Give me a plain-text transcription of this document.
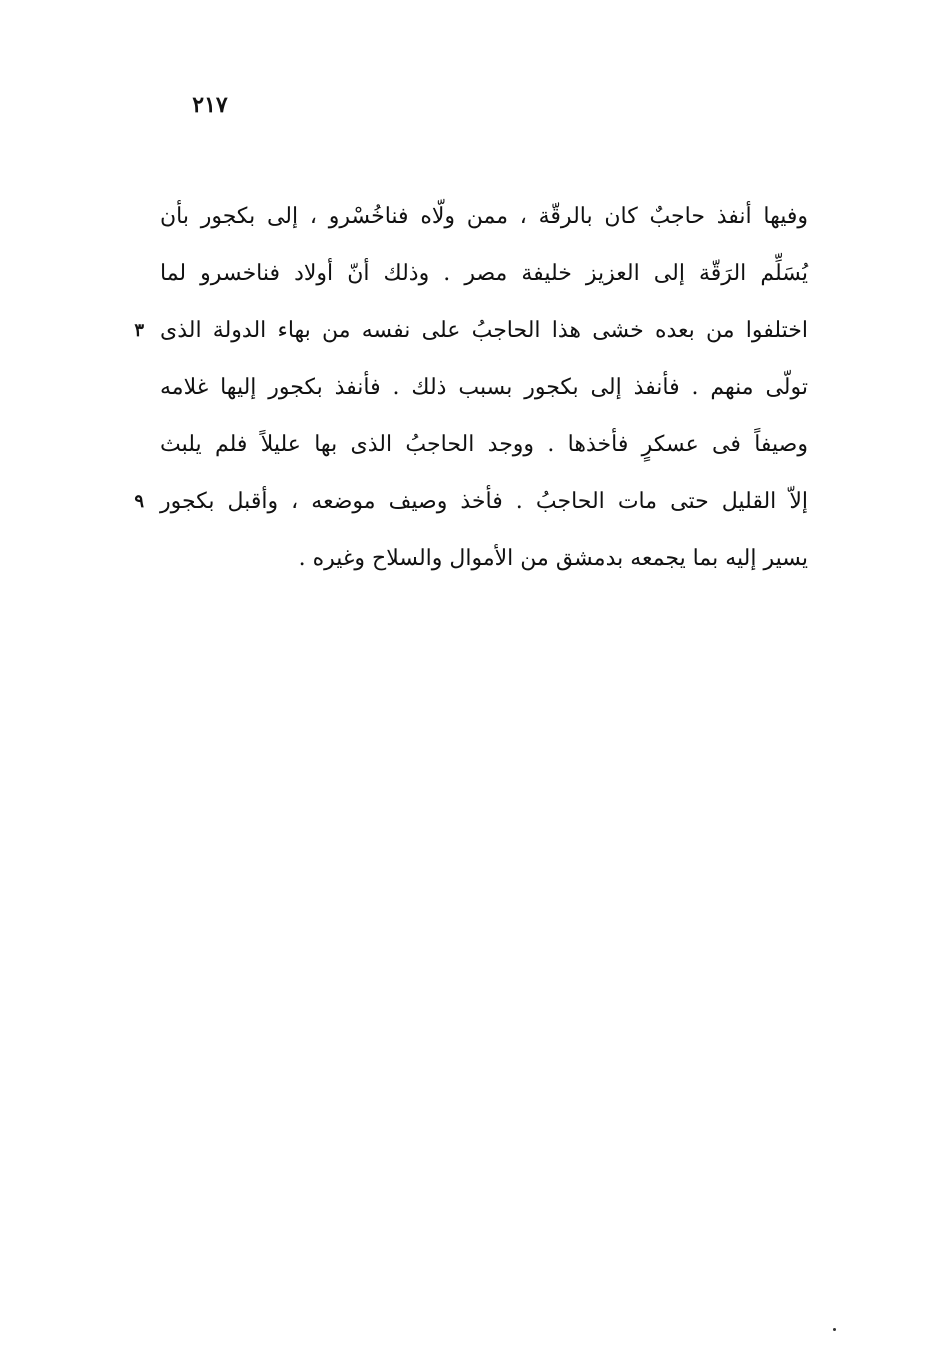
٢١٧
وفيها أنفذ حاجبٌ كان بالرقّة ، ممن ولّاه فناخُسْرو ، إلى بكجور بأن
يُسَلِّم الرَقّة إلى العزيز خليفة مصر . وذلك أنّ أولاد فناخسرو لما
اختلفوا من بعده خشى هذا الحاجبُ على نفسه من بهاء الدولة الذى
٣
تولّى منهم . فأنفذ إلى بكجور بسبب ذلك . فأنفذ بكجور إليها غلامه
وصيفاً فى عسكرٍ فأخذها . ووجد الحاجبُ الذى بها عليلاً فلم يلبث
إلاّ القليل حتى مات الحاجبُ . فأخذ وصيف موضعه ، وأقبل بكجور
٩
يسير إليه بما يجمعه بدمشق من الأموال والسلاح وغيره .
